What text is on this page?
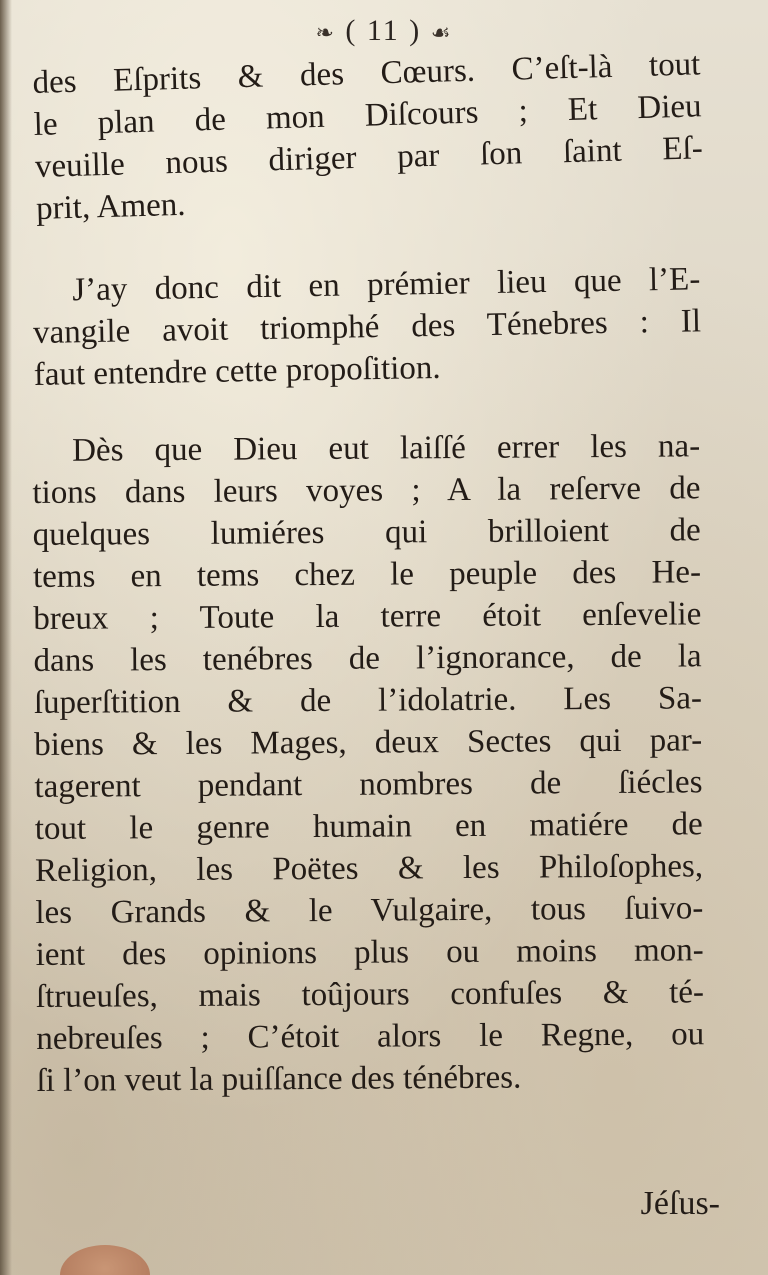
❧ ( 11 ) ☙
des Eſprits & des Cœurs. C’eſt-là tout
le plan de mon Diſcours ; Et Dieu
veuille nous diriger par ſon ſaint Eſ-
prit, Amen.
J’ay donc dit en prémier lieu que l’E-
vangile avoit triomphé des Ténebres : Il
faut entendre cette propoſition.
Dès que Dieu eut laiſſé errer les na-
tions dans leurs voyes ; A la reſerve de
quelques lumiéres qui brilloient de
tems en tems chez le peuple des He-
breux ; Toute la terre étoit enſevelie
dans les tenébres de l’ignorance, de la
ſuperſtition & de l’idolatrie. Les Sa-
biens & les Mages, deux Sectes qui par-
tagerent pendant nombres de ſiécles
tout le genre humain en matiére de
Religion, les Poëtes & les Philoſophes,
les Grands & le Vulgaire, tous ſuivo-
ient des opinions plus ou moins mon-
ſtrueuſes, mais toûjours confuſes & té-
nebreuſes ; C’étoit alors le Regne, ou
ſi l’on veut la puiſſance des ténébres.
Jéſus-
